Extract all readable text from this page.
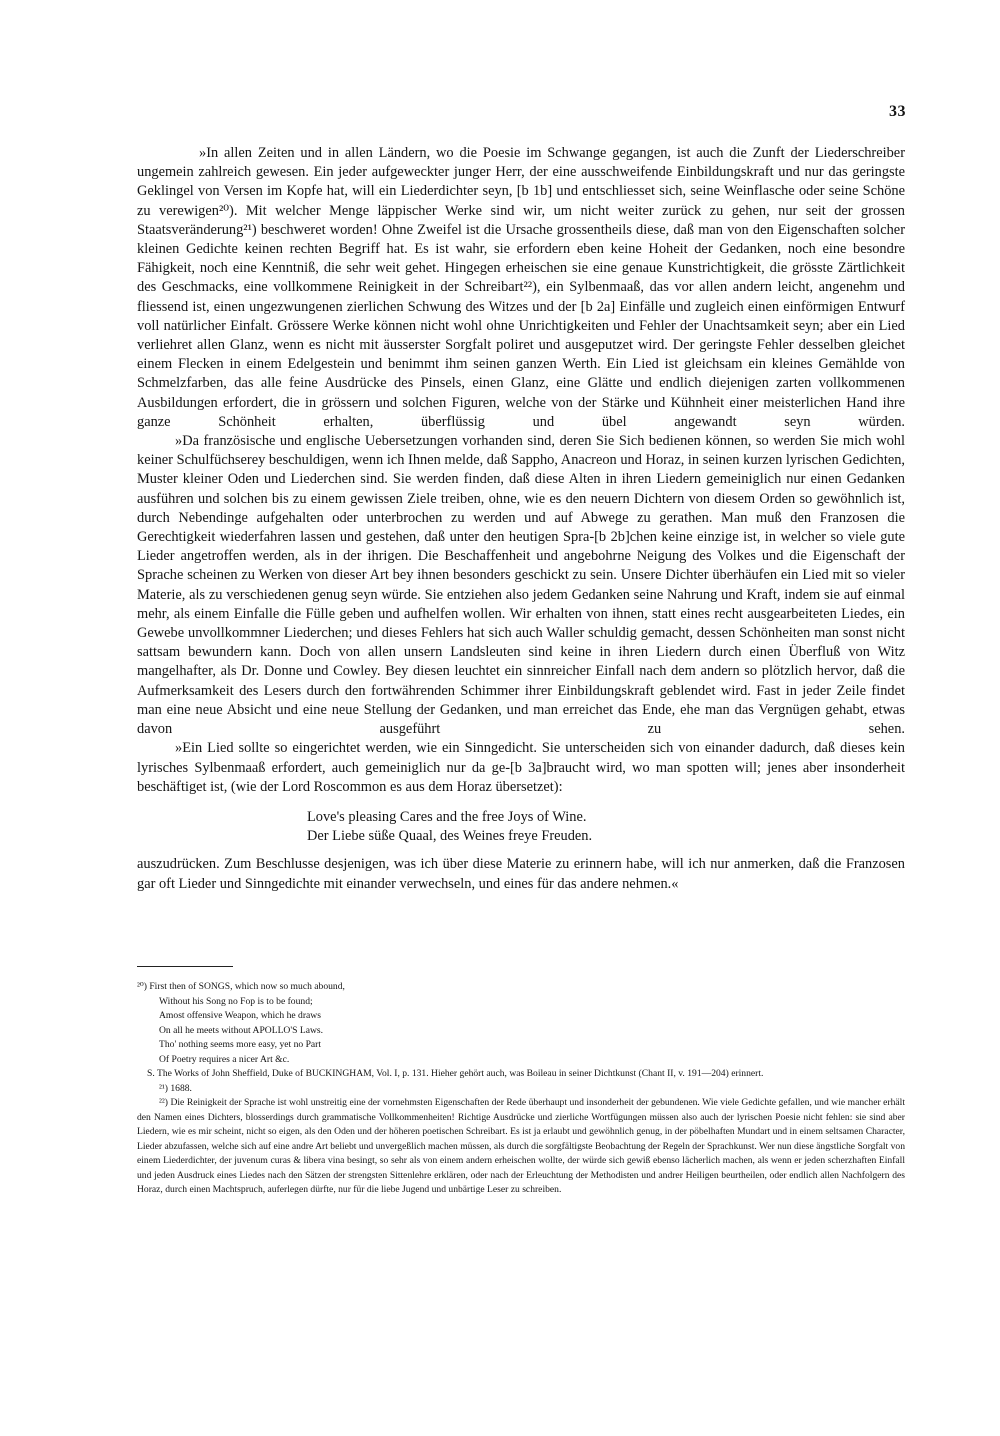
33

»In allen Zeiten und in allen Ländern, wo die Poesie im Schwange gegangen, ist auch die Zunft der Liederschreiber ungemein zahlreich gewesen. Ein jeder aufgeweckter junger Herr, der eine ausschweifende Einbildungskraft und nur das geringste Geklingel von Versen im Kopfe hat, will ein Liederdichter seyn, [b 1b] und entschliesset sich, seine Weinflasche oder seine Schöne zu verewigen²⁰). Mit welcher Menge läppischer Werke sind wir, um nicht weiter zurück zu gehen, nur seit der grossen Staatsveränderung²¹) beschweret worden! Ohne Zweifel ist die Ursache grossentheils diese, daß man von den Eigenschaften solcher kleinen Gedichte keinen rechten Begriff hat. Es ist wahr, sie erfordern eben keine Hoheit der Gedanken, noch eine besondre Fähigkeit, noch eine Kenntniß, die sehr weit gehet. Hingegen erheischen sie eine genaue Kunstrichtigkeit, die grösste Zärtlichkeit des Geschmacks, eine vollkommene Reinigkeit in der Schreibart²²), ein Sylbenmaaß, das vor allen andern leicht, angenehm und fliessend ist, einen ungezwungenen zierlichen Schwung des Witzes und der [b 2a] Einfälle und zugleich einen einförmigen Entwurf voll natürlicher Einfalt. Grössere Werke können nicht wohl ohne Unrichtigkeiten und Fehler der Unachtsamkeit seyn; aber ein Lied verliehret allen Glanz, wenn es nicht mit äusserster Sorgfalt poliret und ausgeputzet wird. Der geringste Fehler desselben gleichet einem Flecken in einem Edelgestein und benimmt ihm seinen ganzen Werth. Ein Lied ist gleichsam ein kleines Gemählde von Schmelzfarben, das alle feine Ausdrücke des Pinsels, einen Glanz, eine Glätte und endlich diejenigen zarten vollkommenen Ausbildungen erfordert, die in grössern und solchen Figuren, welche von der Stärke und Kühnheit einer meisterlichen Hand ihre ganze Schönheit erhalten, überflüssig und übel angewandt seyn würden.

»Da französische und englische Uebersetzungen vorhanden sind, deren Sie Sich bedienen können, so werden Sie mich wohl keiner Schulfüchserey beschuldigen, wenn ich Ihnen melde, daß Sappho, Anacreon und Horaz, in seinen kurzen lyrischen Gedichten, Muster kleiner Oden und Liederchen sind. Sie werden finden, daß diese Alten in ihren Liedern gemeiniglich nur einen Gedanken ausführen und solchen bis zu einem gewissen Ziele treiben, ohne, wie es den neuern Dichtern von diesem Orden so gewöhnlich ist, durch Nebendinge aufgehalten oder unterbrochen zu werden und auf Abwege zu gerathen. Man muß den Franzosen die Gerechtigkeit wiederfahren lassen und gestehen, daß unter den heutigen Spra-[b 2b]chen keine einzige ist, in welcher so viele gute Lieder angetroffen werden, als in der ihrigen. Die Beschaffenheit und angebohrne Neigung des Volkes und die Eigenschaft der Sprache scheinen zu Werken von dieser Art bey ihnen besonders geschickt zu sein. Unsere Dichter überhäufen ein Lied mit so vieler Materie, als zu verschiedenen genug seyn würde. Sie entziehen also jedem Gedanken seine Nahrung und Kraft, indem sie auf einmal mehr, als einem Einfalle die Fülle geben und aufhelfen wollen. Wir erhalten von ihnen, statt eines recht ausgearbeiteten Liedes, ein Gewebe unvollkommner Liederchen; und dieses Fehlers hat sich auch Waller schuldig gemacht, dessen Schönheiten man sonst nicht sattsam bewundern kann. Doch von allen unsern Landsleuten sind keine in ihren Liedern durch einen Überfluß von Witz mangelhafter, als Dr. Donne und Cowley. Bey diesen leuchtet ein sinnreicher Einfall nach dem andern so plötzlich hervor, daß die Aufmerksamkeit des Lesers durch den fortwährenden Schimmer ihrer Einbildungskraft geblendet wird. Fast in jeder Zeile findet man eine neue Absicht und eine neue Stellung der Gedanken, und man erreichet das Ende, ehe man das Vergnügen gehabt, etwas davon ausgeführt zu sehen.

»Ein Lied sollte so eingerichtet werden, wie ein Sinngedicht. Sie unterscheiden sich von einander dadurch, daß dieses kein lyrisches Sylbenmaaß erfordert, auch gemeiniglich nur da ge-[b 3a]braucht wird, wo man spotten will; jenes aber insonderheit beschäftiget ist, (wie der Lord Roscommon es aus dem Horaz übersetzet):

Love's pleasing Cares and the free Joys of Wine.
Der Liebe süße Quaal, des Weines freye Freuden.

auszudrücken. Zum Beschlusse desjenigen, was ich über diese Materie zu erinnern habe, will ich nur anmerken, daß die Franzosen gar oft Lieder und Sinngedichte mit einander verwechseln, und eines für das andere nehmen.«

²⁰) First then of SONGS, which now so much abound,
Without his Song no Fop is to be found;
Amost offensive Weapon, which he draws
On all he meets without APOLLO'S Laws.
Tho' nothing seems more easy, yet no Part
Of Poetry requires a nicer Art &c.
S. The Works of John Sheffield, Duke of BUCKINGHAM, Vol. I, p. 131. Hieher gehört auch, was Boileau in seiner Dichtkunst (Chant II, v. 191—204) erinnert.
²¹) 1688.

²²) Die Reinigkeit der Sprache ist wohl unstreitig eine der vornehmsten Eigenschaften der Rede überhaupt und insonderheit der gebundenen. Wie viele Gedichte gefallen, und wie mancher erhält den Namen eines Dichters, blosserdings durch grammatische Vollkommenheiten! Richtige Ausdrücke und zierliche Wortfügungen müssen also auch der lyrischen Poesie nicht fehlen: sie sind aber Liedern, wie es mir scheint, nicht so eigen, als den Oden und der höheren poetischen Schreibart. Es ist ja erlaubt und gewöhnlich genug, in der pöbelhaften Mundart und in einem seltsamen Character, Lieder abzufassen, welche sich auf eine andre Art beliebt und unvergeßlich machen müssen, als durch die sorgfältigste Beobachtung der Regeln der Sprachkunst. Wer nun diese ängstliche Sorgfalt von einem Liederdichter, der juvenum curas & libera vina besingt, so sehr als von einem andern erheischen wollte, der würde sich gewiß ebenso lächerlich machen, als wenn er jeden scherzhaften Einfall und jeden Ausdruck eines Liedes nach den Sätzen der strengsten Sittenlehre erklären, oder nach der Erleuchtung der Methodisten und andrer Heiligen beurtheilen, oder endlich allen Nachfolgern des Horaz, durch einen Machtspruch, auferlegen dürfte, nur für die liebe Jugend und unbärtige Leser zu schreiben.
